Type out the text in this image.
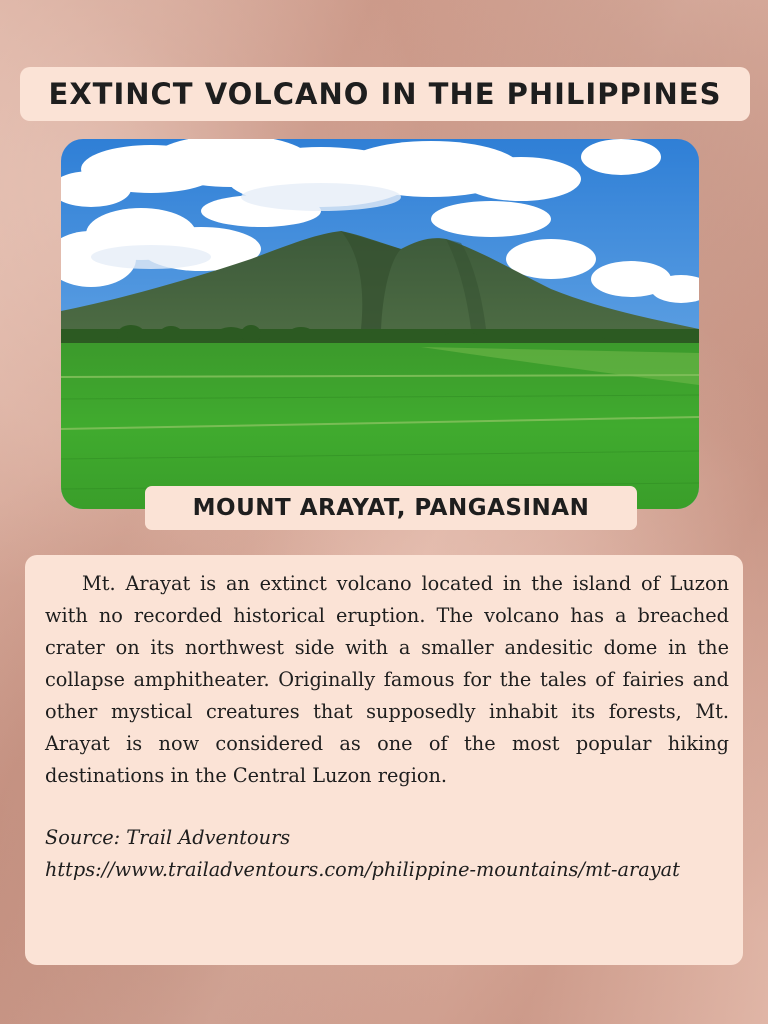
EXTINCT VOLCANO IN THE PHILIPPINES
MOUNT ARAYAT, PANGASINAN

Mt. Arayat is an extinct volcano located in the island of Luzon with no recorded historical eruption. The volcano has a breached crater on its northwest side with a smaller andesitic dome in the collapse amphitheater. Originally famous for the tales of fairies and other mystical creatures that supposedly inhabit its forests, Mt. Arayat is now considered as one of the most popular hiking destinations in the Central Luzon region.

Source: Trail Adventours
https://www.trailadventours.com/philippine-mountains/mt-arayat
